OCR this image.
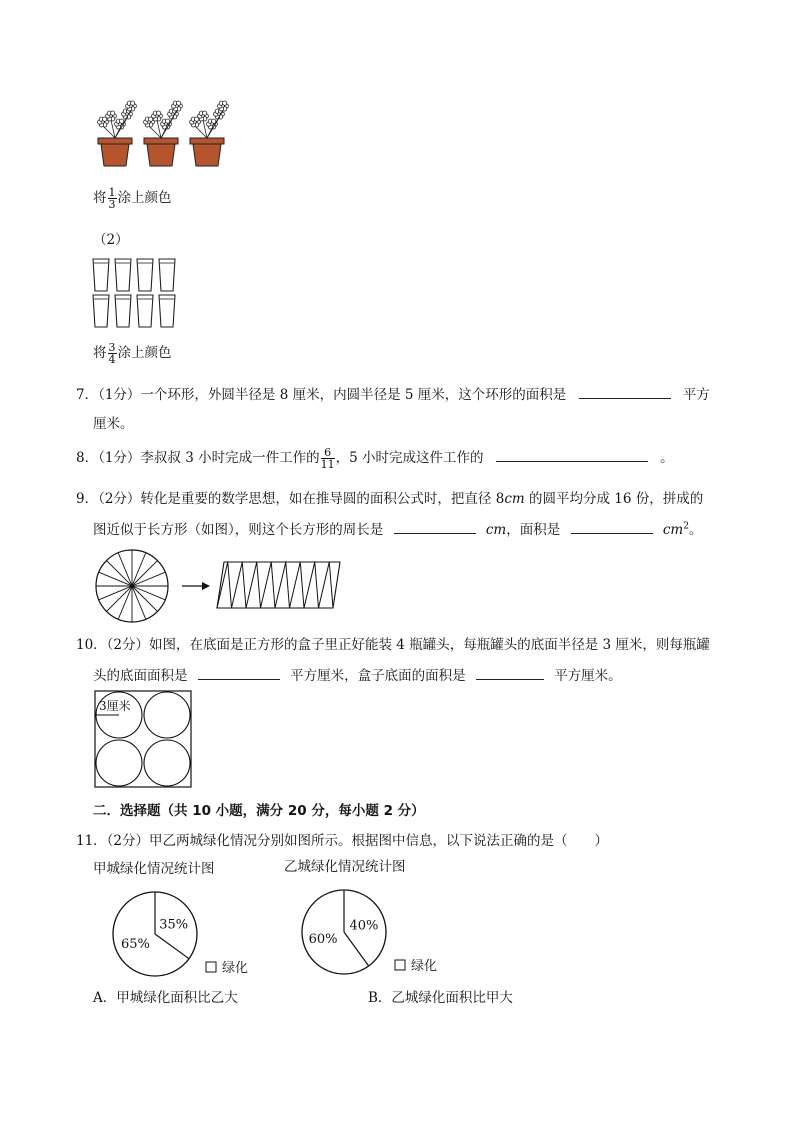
将 $\frac{1}{3}$ 涂上颜色
（2）
将 $\frac{3}{4}$ 涂上颜色
7．（1分）一个环形，外圆半径是 8 厘米，内圆半径是 5 厘米，这个环形的面积是	平方
厘米。
8．（1分）李叔叔 3 小时完成一件工作的 $\frac{6}{11}$ ，5 小时完成这件工作的	。
9．（2分）转化是重要的数学思想，如在推导圆的面积公式时，把直径 8cm 的圆平均分成 16 份，拼成的
图近似于长方形（如图），则这个长方形的周长是	cm，面积是	$cm^2$。
10．（2分）如图，在底面是正方形的盒子里正好能装 4 瓶罐头，每瓶罐头的底面半径是 3 厘米，则每瓶罐
头的底面面积是	平方厘米，盒子底面的面积是	平方厘米。
3厘米
二．选择题（共 10 小题，满分 20 分，每小题 2 分）
11．（2分）甲乙两城绿化情况分别如图所示。根据图中信息，以下说法正确的是（　　）
甲城绿化情况统计图	乙城绿化情况统计图
35%
65%
绿化
40%
60%
绿化
A．甲城绿化面积比乙大	B．乙城绿化面积比甲大
